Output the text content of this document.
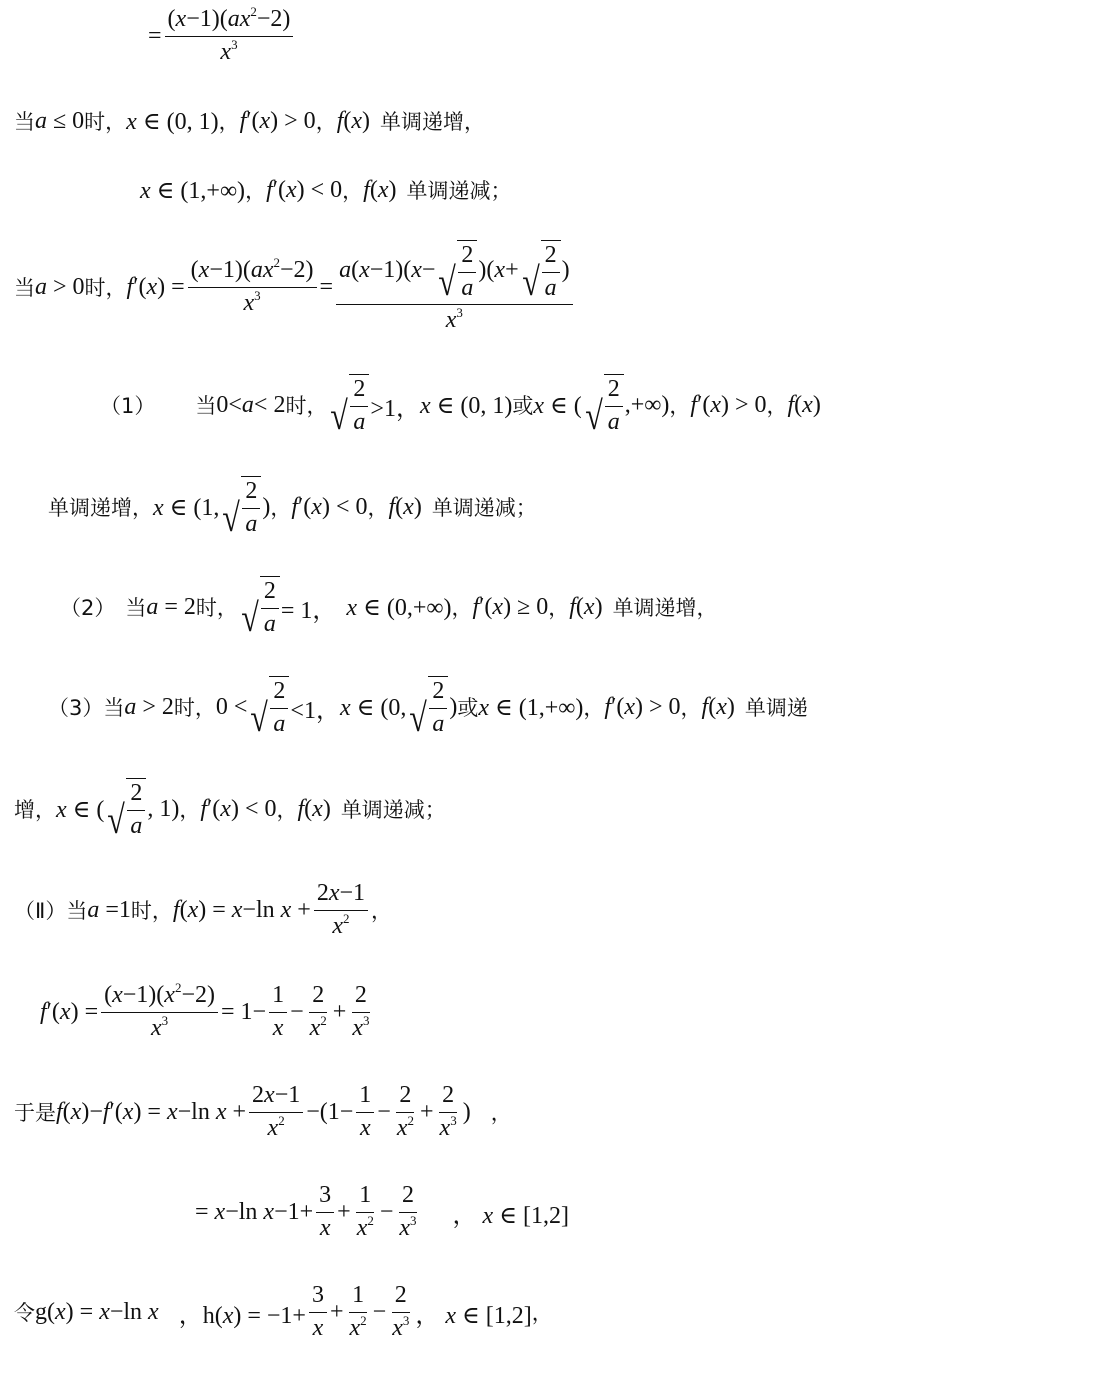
= $\frac{(x-1)(ax^2-2)}{x^3}$
当 a ≤ 0 时， x ∈ (0, 1) ， f′(x) > 0 ， f(x) 单调递增，
x ∈ (1,+∞) ， f′(x) < 0 ， f(x) 单调递减；
当 a > 0 时， $f'(x) = \frac{(x-1)(ax^2-2)}{x^3} = \frac{a ( x -1)( x - √ \frac{2}{a} )( x + √ \frac{2}{a} )}{x^3}$
（1） 当 0<a< 2 时， √ $\frac{2}{a} >1$， x ∈ (0, 1) 或 x ∈ ( √ $\frac{2}{a}$ ,+∞) ， f′(x) > 0 ， f(x)
单调递增， x ∈ (1, √ $\frac{2}{a}$ ) ， f′(x) < 0 ， f(x) 单调递减；
（2） 当 a = 2 时， √ $\frac{2}{a} = 1$， x ∈ (0,+∞) ， f′(x) ≥ 0 ， f(x) 单调递增，
（3） 当 a > 2 时， 0 < √ $\frac{2}{a} <1$， x ∈ (0, √ $\frac{2}{a}$ ) 或 x ∈ (1,+∞) ， f′(x) > 0 ， f(x) 单调递
增， x ∈ ( √ $\frac{2}{a}$ , 1) ， f′(x) < 0 ， f(x) 单调递减；
（Ⅱ） 当 a =1 时， f(x) = x−ln $x + \frac{2x-1}{x^2}$ ，
$f'(x) = \frac{(x-1)(x^2-2)}{x^3} = 1- \frac{1}{x} - \frac{2}{x^2} + \frac{2}{x^3}$
于是 f(x)−f′(x) = x−ln $x + \frac{2x-1}{x^2} -(1- \frac{1}{x} - \frac{2}{x^2} + \frac{2}{x^3}$ ) ，
= x−ln $x-1+ \frac{3}{x} + \frac{1}{x^2} - \frac{2}{x^3}$ ， x ∈ [1,2]
令 g(x) = x−ln x ，$h(x) = -1+ \frac{3}{x} + \frac{1}{x^2} - \frac{2}{x^3}$ ， x ∈ [1,2] ，
